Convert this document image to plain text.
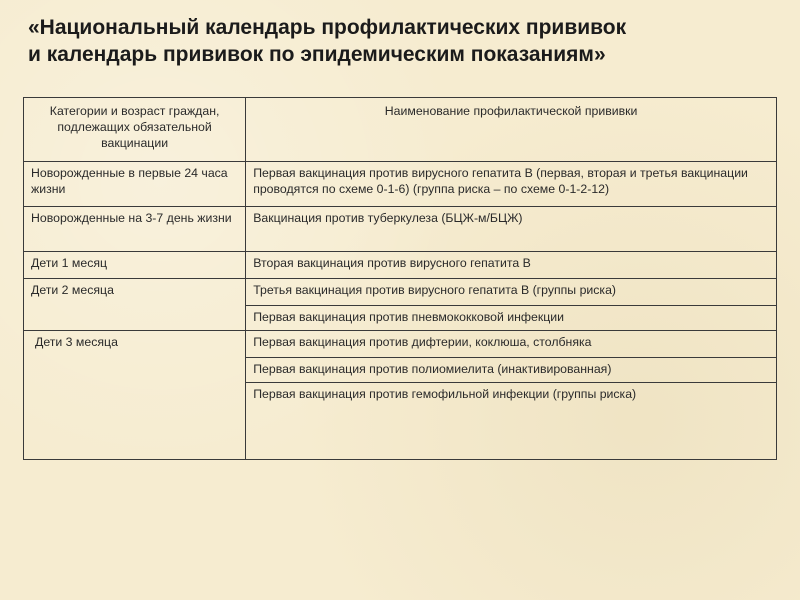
«Национальный календарь профилактических прививок
и календарь прививок по эпидемическим показаниям»
Категории и возраст граждан, подлежащих обязательной вакцинации	Наименование профилактической прививки
Новорожденные в первые 24 часа жизни	Первая вакцинация против вирусного гепатита В (первая, вторая и третья вакцинации проводятся по схеме 0-1-6) (группа риска – по схеме 0-1-2-12)
Новорожденные на 3-7 день жизни	Вакцинация против туберкулеза (БЦЖ-м/БЦЖ)
Дети 1 месяц	Вторая вакцинация против вирусного гепатита В
Дети 2 месяца	Третья вакцинация против вирусного гепатита В (группы риска)
	Первая вакцинация против пневмококковой инфекции
Дети 3 месяца	Первая вакцинация против дифтерии, коклюша, столбняка
	Первая вакцинация против полиомиелита (инактивированная)
	Первая вакцинация против гемофильной инфекции (группы риска)
